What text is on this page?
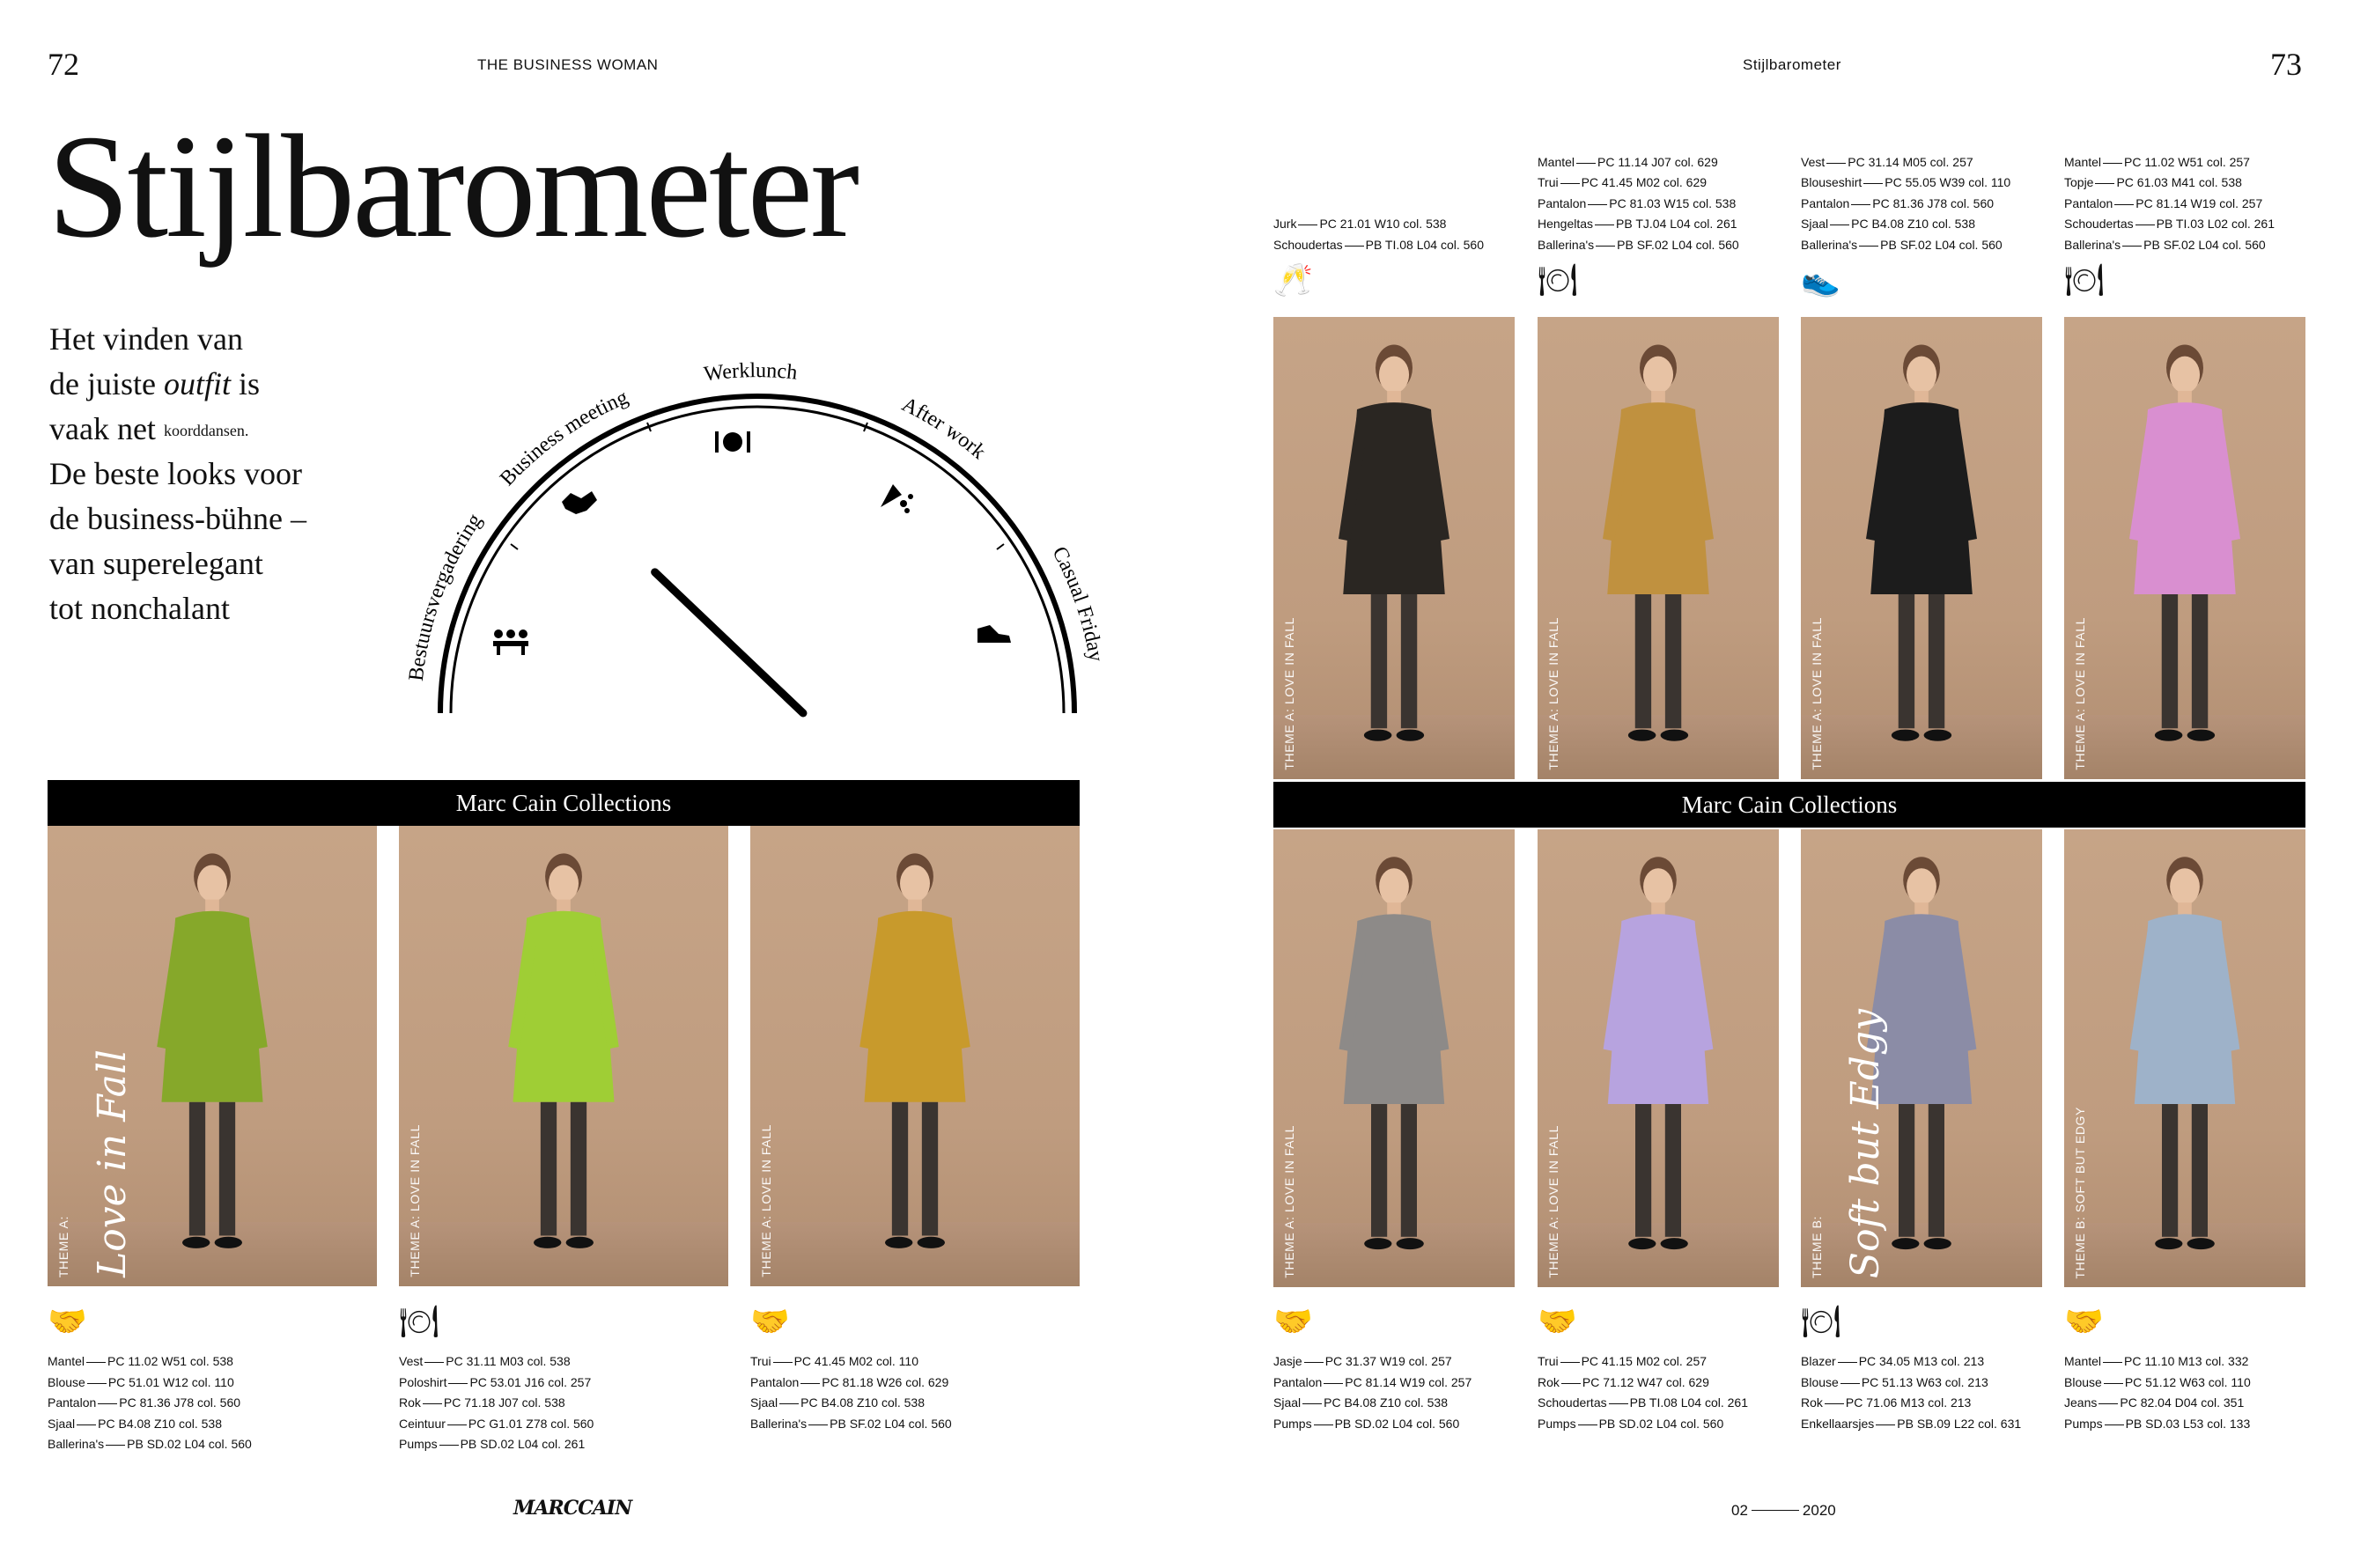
72	THE BUSINESS WOMAN
Stijlbarometer
Het vinden van
de juiste outfit is
vaak net $^{koorddansen.}$
De beste looks voor
de business-bühne –
van superelegant
tot nonchalant
Bestuursvergadering
Business meeting
Werklunch
After work
Casual Friday
Marc Cain Collections
THEME A: Love in Fall
🤝
Mantel PC 11.02 W51 col. 538
Blouse PC 51.01 W12 col. 110
Pantalon PC 81.36 J78 col. 560
Sjaal PC B4.08 Z10 col. 538
Ballerina's PB SD.02 L04 col. 560
THEME A: LOVE IN FALL
🍽
Vest PC 31.11 M03 col. 538
Poloshirt PC 53.01 J16 col. 257
Rok PC 71.18 J07 col. 538
Ceintuur PC G1.01 Z78 col. 560
Pumps PB SD.02 L04 col. 261
THEME A: LOVE IN FALL
🤝
Trui PC 41.45 M02 col. 110
Pantalon PC 81.18 W26 col. 629
Sjaal PC B4.08 Z10 col. 538
Ballerina's PB SF.02 L04 col. 560
MARCCAIN
Stijlbarometer	73
THEME A: LOVE IN FALL
🥂
Jurk PC 21.01 W10 col. 538
Schoudertas PB TI.08 L04 col. 560
THEME A: LOVE IN FALL
🍽
Mantel PC 11.14 J07 col. 629
Trui PC 41.45 M02 col. 629
Pantalon PC 81.03 W15 col. 538
Hengeltas PB TJ.04 L04 col. 261
Ballerina's PB SF.02 L04 col. 560
THEME A: LOVE IN FALL
👟
Vest PC 31.14 M05 col. 257
Blouseshirt PC 55.05 W39 col. 110
Pantalon PC 81.36 J78 col. 560
Sjaal PC B4.08 Z10 col. 538
Ballerina's PB SF.02 L04 col. 560
THEME A: LOVE IN FALL
🍽
Mantel PC 11.02 W51 col. 257
Topje PC 61.03 M41 col. 538
Pantalon PC 81.14 W19 col. 257
Schoudertas PB TI.03 L02 col. 261
Ballerina's PB SF.02 L04 col. 560
Marc Cain Collections
THEME A: LOVE IN FALL
🤝
Jasje PC 31.37 W19 col. 257
Pantalon PC 81.14 W19 col. 257
Sjaal PC B4.08 Z10 col. 538
Pumps PB SD.02 L04 col. 560
THEME A: LOVE IN FALL
🤝
Trui PC 41.15 M02 col. 257
Rok PC 71.12 W47 col. 629
Schoudertas PB TI.08 L04 col. 261
Pumps PB SD.02 L04 col. 560
THEME B: Soft but Edgy
🍽
Blazer PC 34.05 M13 col. 213
Blouse PC 51.13 W63 col. 213
Rok PC 71.06 M13 col. 213
Enkellaarsjes PB SB.09 L22 col. 631
THEME B: SOFT BUT EDGY
🤝
Mantel PC 11.10 M13 col. 332
Blouse PC 51.12 W63 col. 110
Jeans PC 82.04 D04 col. 351
Pumps PB SD.03 L53 col. 133
02	2020
